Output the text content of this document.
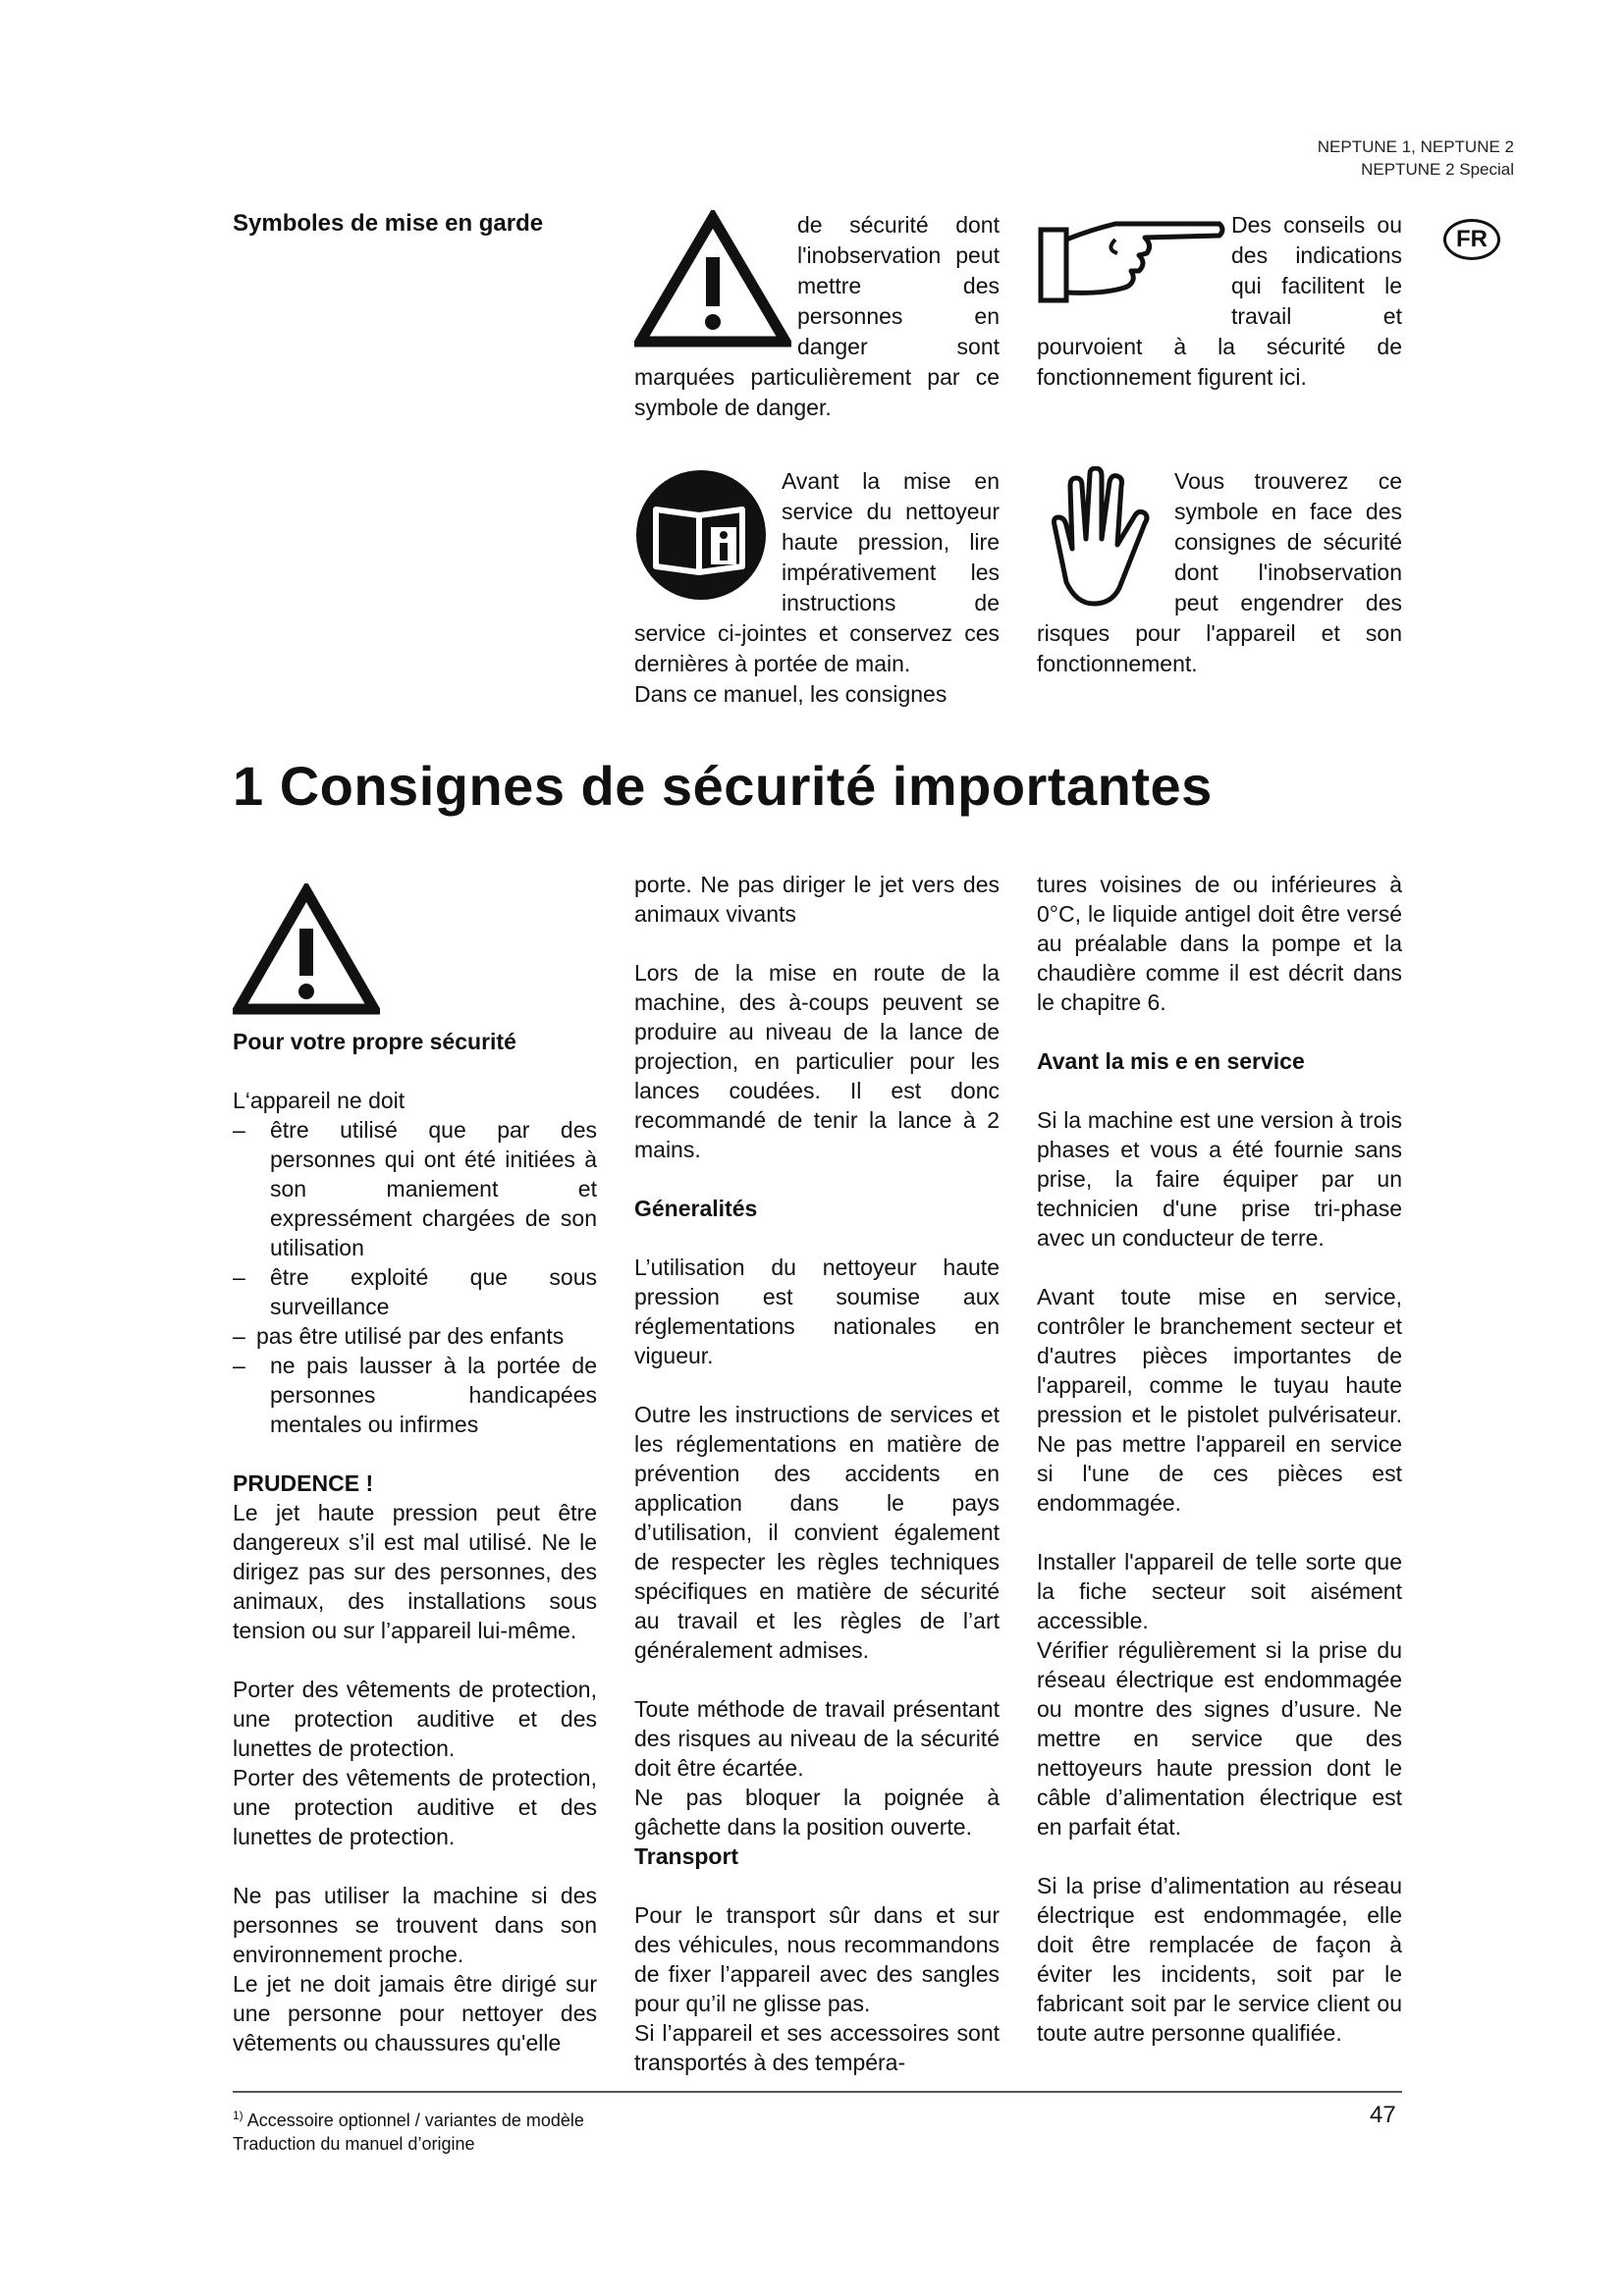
NEPTUNE 1, NEPTUNE 2
NEPTUNE 2 Special
FR
Symboles de mise en garde	de sécurité dont l'inobservation peut mettre des personnes en danger sont marquées particulièrement par ce symbole de danger.

Des conseils ou des indications qui facilitent le travail et pourvoient à la sécurité de fonctionnement figurent ici.

Avant la mise en service du nettoyeur haute pression, lire impérativement les instructions de service ci-jointes et conservez ces dernières à portée de main.

Dans ce manuel, les consignes

Vous trouverez ce symbole en face des consignes de sécurité dont l'inobservation peut engendrer des risques pour l'appareil et son fonctionnement.

1 Consignes de sécurité importantes
Pour votre propre sécurité

L‘appareil ne doit

– être utilisé que par des personnes qui ont été initiées à son maniement et expressément chargées de son utilisation
– être exploité que sous surveillance
– pas être utilisé par des enfants
– ne pais lausser à la portée de personnes handicapées mentales ou infirmes
PRUDENCE !

Le jet haute pression peut être dangereux s’il est mal utilisé. Ne le dirigez pas sur des personnes, des animaux, des installations sous tension ou sur l’appareil lui-même.

Porter des vêtements de protection, une protection auditive et des lunettes de protection.

Porter des vêtements de protection, une protection auditive et des lunettes de protection.

Ne pas utiliser la machine si des personnes se trouvent dans son environnement proche.

Le jet ne doit jamais être dirigé sur une personne pour nettoyer des vêtements ou chaussures qu'elle

porte. Ne pas diriger le jet vers des animaux vivants

Lors de la mise en route de la machine, des à-coups peuvent se produire au niveau de la lance de projection, en particulier pour les lances coudées. Il est donc recommandé de tenir la lance à 2 mains.

Géneralités

L’utilisation du nettoyeur haute pression est soumise aux réglementations nationales en vigueur.

Outre les instructions de services et les réglementations en matière de prévention des accidents en application dans le pays d’utilisation, il convient également de respecter les règles techniques spécifiques en matière de sécurité au travail et les règles de l’art généralement admises.

Toute méthode de travail présentant des risques au niveau de la sécurité doit être écartée.

Ne pas bloquer la poignée à gâchette dans la position ouverte.

Transport

Pour le transport sûr dans et sur des véhicules, nous recommandons de fixer l’appareil avec des sangles pour qu’il ne glisse pas.

Si l’appareil et ses accessoires sont transportés à des tempéra-

tures voisines de ou inférieures à 0°C, le liquide antigel doit être versé au préalable dans la pompe et la chaudière comme il est décrit dans le chapitre 6.

Avant la mis e en service

Si la machine est une version à trois phases et vous a été fournie sans prise, la faire équiper par un technicien d'une prise tri-phase avec un conducteur de terre.

Avant toute mise en service, contrôler le branchement secteur et d'autres pièces importantes de l'appareil, comme le tuyau haute pression et le pistolet pulvérisateur. Ne pas mettre l'appareil en service si l'une de ces pièces est endommagée.

Installer l'appareil de telle sorte que la fiche secteur soit aisément accessible.

Vérifier régulièrement si la prise du réseau électrique est endommagée ou montre des signes d’usure. Ne mettre en service que des nettoyeurs haute pression dont le câble d’alimentation électrique est en parfait état.

Si la prise d’alimentation au réseau électrique est endommagée, elle doit être remplacée de façon à éviter les incidents, soit par le fabricant soit par le service client ou toute autre personne qualifiée.

$^{1)}$ Accessoire optionnel / variantes de modèle
Traduction du manuel d’origine
47
